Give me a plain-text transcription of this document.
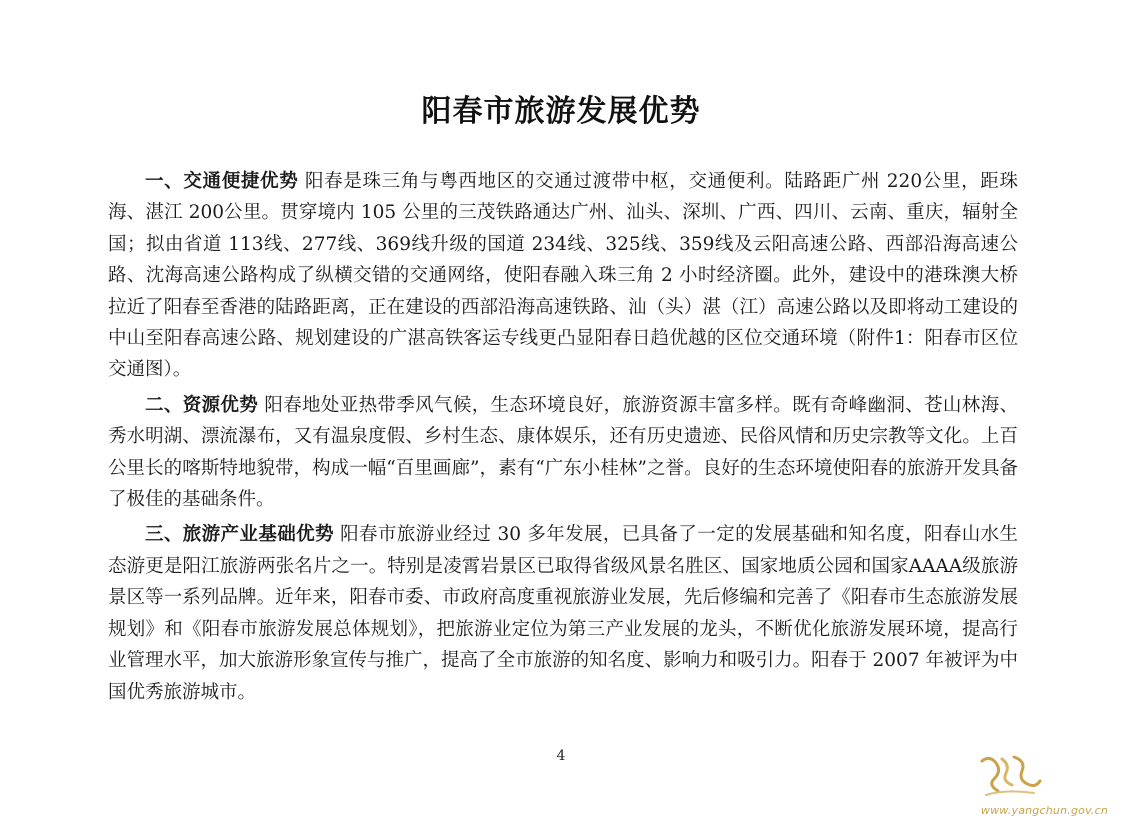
阳春市旅游发展优势

一、交通便捷优势 阳春是珠三角与粤西地区的交通过渡带中枢，交通便利。陆路距广州 220公里，距珠海、湛江 200公里。贯穿境内 105 公里的三茂铁路通达广州、汕头、深圳、广西、四川、云南、重庆，辐射全国；拟由省道 113线、277线、369线升级的国道 234线、325线、359线及云阳高速公路、西部沿海高速公路、沈海高速公路构成了纵横交错的交通网络，使阳春融入珠三角 2 小时经济圈。此外，建设中的港珠澳大桥拉近了阳春至香港的陆路距离，正在建设的西部沿海高速铁路、汕（头）湛（江）高速公路以及即将动工建设的中山至阳春高速公路、规划建设的广湛高铁客运专线更凸显阳春日趋优越的区位交通环境（附件1：阳春市区位交通图）。

二、资源优势 阳春地处亚热带季风气候，生态环境良好，旅游资源丰富多样。既有奇峰幽洞、苍山林海、秀水明湖、漂流瀑布，又有温泉度假、乡村生态、康体娱乐，还有历史遗迹、民俗风情和历史宗教等文化。上百公里长的喀斯特地貌带，构成一幅“百里画廊”，素有“广东小桂林”之誉。良好的生态环境使阳春的旅游开发具备了极佳的基础条件。

三、旅游产业基础优势 阳春市旅游业经过 30 多年发展，已具备了一定的发展基础和知名度，阳春山水生态游更是阳江旅游两张名片之一。特别是凌霄岩景区已取得省级风景名胜区、国家地质公园和国家AAAA级旅游景区等一系列品牌。近年来，阳春市委、市政府高度重视旅游业发展，先后修编和完善了《阳春市生态旅游发展规划》和《阳春市旅游发展总体规划》，把旅游业定位为第三产业发展的龙头，不断优化旅游发展环境，提高行业管理水平，加大旅游形象宣传与推广，提高了全市旅游的知名度、影响力和吸引力。阳春于 2007 年被评为中国优秀旅游城市。

4
www.yangchun.gov.cn
